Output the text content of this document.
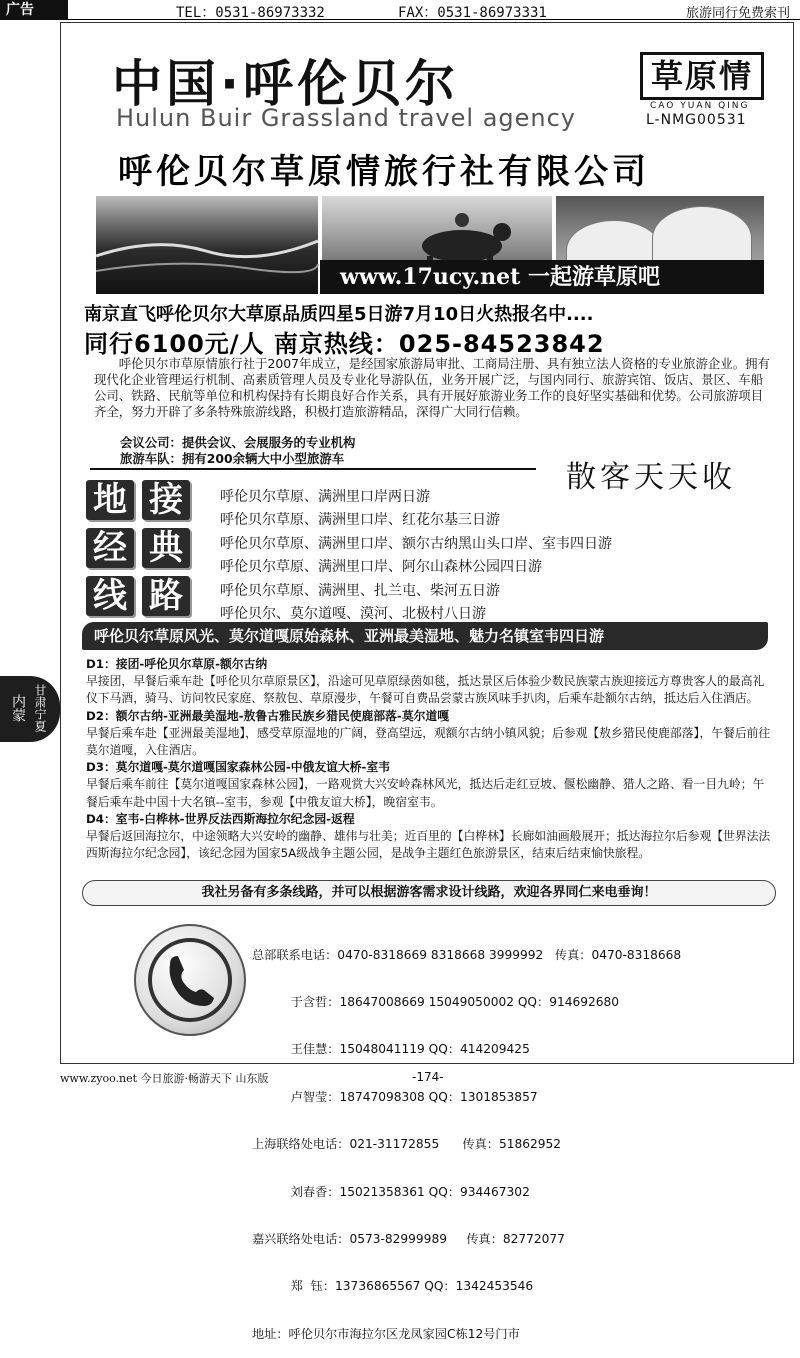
广告	TEL：0531-86973332	FAX：0531-86973331	旅游同行免费索刊
中国·呼伦贝尔
Hulun Buir Grassland travel agency
草原情
CAO YUAN QING
L-NMG00531
呼伦贝尔草原情旅行社有限公司
www.17ucy.net 一起游草原吧
南京直飞呼伦贝尔大草原品质四星5日游7月10日火热报名中....
同行6100元/人 南京热线：025-84523842
呼伦贝尔市草原情旅行社于2007年成立，是经国家旅游局审批、工商局注册、具有独立法人资格的专业旅游企业。拥有现代化企业管理运行机制、高素质管理人员及专业化导游队伍，业务开展广泛，与国内同行、旅游宾馆、饭店、景区、车船公司、铁路、民航等单位和机构保持有长期良好合作关系，具有开展好旅游业务工作的良好坚实基础和优势。公司旅游项目齐全，努力开辟了多条特殊旅游线路，积极打造旅游精品，深得广大同行信赖。
会议公司：提供会议、会展服务的专业机构
旅游车队：拥有200余辆大中小型旅游车
散客天天收
地 接
经 典
线 路
呼伦贝尔草原、满洲里口岸两日游
呼伦贝尔草原、满洲里口岸、红花尔基三日游
呼伦贝尔草原、满洲里口岸、额尔古纳黑山头口岸、室韦四日游
呼伦贝尔草原、满洲里口岸、阿尔山森林公园四日游
呼伦贝尔草原、满洲里、扎兰屯、柴河五日游
呼伦贝尔、莫尔道嘎、漠河、北极村八日游
呼伦贝尔草原风光、莫尔道嘎原始森林、亚洲最美湿地、魅力名镇室韦四日游
D1：接团-呼伦贝尔草原-额尔古纳
早接团，早餐后乘车赴【呼伦贝尔草原景区】，沿途可见草原绿茵如毯，抵达景区后体验少数民族蒙古族迎接远方尊贵客人的最高礼仪下马酒，骑马、访问牧民家庭、祭敖包、草原漫步，午餐可自费品尝蒙古族风味手扒肉，后乘车赴额尔古纳，抵达后入住酒店。
D2：额尔古纳-亚洲最美湿地-敖鲁古雅民族乡猎民使鹿部落-莫尔道嘎
早餐后乘车赴【亚洲最美湿地】，感受草原湿地的广阔，登高望远，观额尔古纳小镇风貌；后参观【敖乡猎民使鹿部落】，午餐后前往莫尔道嘎，入住酒店。
D3：莫尔道嘎-莫尔道嘎国家森林公园-中俄友谊大桥-室韦
早餐后乘车前往【莫尔道嘎国家森林公园】，一路观赏大兴安岭森林风光，抵达后走红豆坡、偃松幽静、猎人之路、看一目九岭；午餐后乘车赴中国十大名镇--室韦，参观【中俄友谊大桥】，晚宿室韦。
D4：室韦-白桦林-世界反法西斯海拉尔纪念园-返程
早餐后返回海拉尔，中途领略大兴安岭的幽静、雄伟与壮美；近百里的【白桦林】长廊如油画般展开；抵达海拉尔后参观【世界法法西斯海拉尔纪念园】，该纪念园为国家5A级战争主题公园，是战争主题红色旅游景区，结束后结束愉快旅程。
内蒙 甘肃宁夏
我社另备有多条线路，并可以根据游客需求设计线路，欢迎各界同仁来电垂询！

总部联系电话：0470-8318669 8318668 3999992   传真：0470-8318668

于含哲：18647008669 15049050002 QQ：914692680

王佳慧：15048041119 QQ：414209425

卢智莹：18747098308 QQ：1301853857

上海联络处电话：021-31172855      传真：51862952

刘春香：15021358361 QQ：934467302

嘉兴联络处电话：0573-82999989     传真：82772077

郑  钰：13736865567 QQ：1342453546

地址：呼伦贝尔市海拉尔区龙凤家园C栋12号门市

www.zyoo.net 今日旅游·畅游天下 山东版	-174-
